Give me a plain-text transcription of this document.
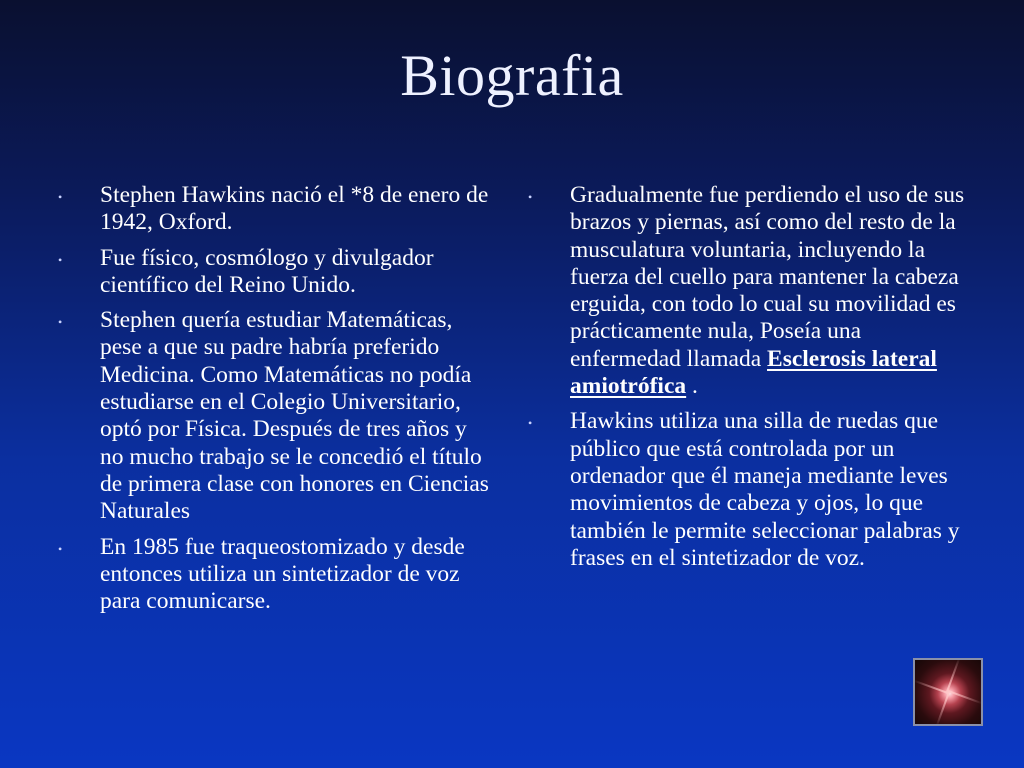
Biografia
• Stephen Hawkins nació el *8 de enero de 1942, Oxford.
• Fue físico, cosmólogo y divulgador científico del Reino Unido.
• Stephen quería estudiar Matemáticas, pese a que su padre habría preferido Medicina. Como Matemáticas no podía estudiarse en el Colegio Universitario, optó por Física. Después de tres años y no mucho trabajo se le concedió el título de primera clase con honores en Ciencias Naturales
• En 1985 fue traqueostomizado y desde entonces utiliza un sintetizador de voz para comunicarse.
• Gradualmente fue perdiendo el uso de sus brazos y piernas, así como del resto de la musculatura voluntaria, incluyendo la fuerza del cuello para mantener la cabeza erguida, con todo lo cual su movilidad es prácticamente nula, Poseía una enfermedad llamada Esclerosis lateral amiotrófica .
• Hawkins utiliza una silla de ruedas que público que está controlada por un ordenador que él maneja mediante leves movimientos de cabeza y ojos, lo que también le permite seleccionar palabras y frases en el sintetizador de voz.
